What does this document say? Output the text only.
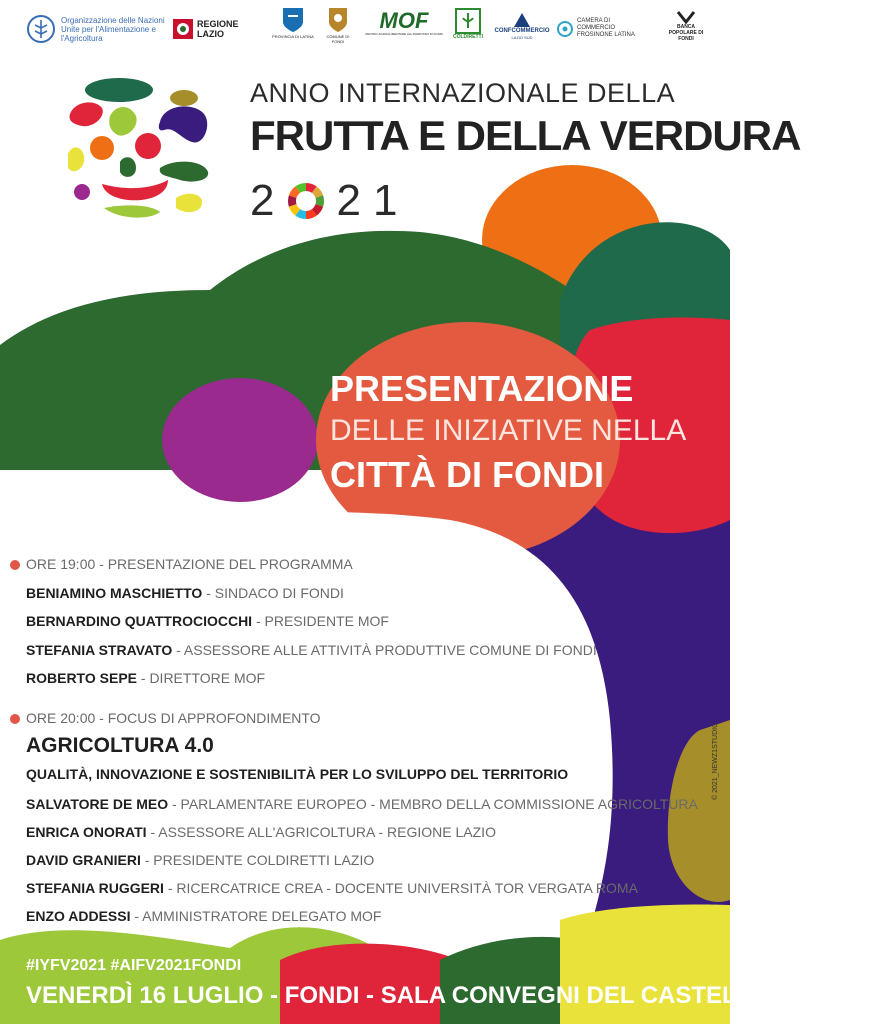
Organizzazione delle Nazioni Unite per l'Alimentazione e l'Agricoltura
REGIONE LAZIO	PROVINCIA DI LATINA	COMUNE DI FONDI
MOF
CENTRO AGROALIMENTARE ALL'INGROSSO DI FONDI COLDIRETTI
CONFCOMMERCIO
LAZIO SUD
CAMERA DI COMMERCIO FROSINONE LATINA
BANCA POPOLARE DI FONDI
ANNO INTERNAZIONALE DELLA
FRUTTA E DELLA VERDURA
2 21
PRESENTAZIONE
DELLE INIZIATIVE NELLA
CITTÀ DI FONDI
ORE 19:00 - PRESENTAZIONE DEL PROGRAMMA
BENIAMINO MASCHIETTO - SINDACO DI FONDI
BERNARDINO QUATTROCIOCCHI - PRESIDENTE MOF
STEFANIA STRAVATO - ASSESSORE ALLE ATTIVITÀ PRODUTTIVE COMUNE DI FONDI
ROBERTO SEPE - DIRETTORE MOF
ORE 20:00 - FOCUS DI APPROFONDIMENTO
AGRICOLTURA 4.0
QUALITÀ, INNOVAZIONE E SOSTENIBILITÀ PER LO SVILUPPO DEL TERRITORIO
SALVATORE DE MEO - PARLAMENTARE EUROPEO - MEMBRO DELLA COMMISSIONE AGRICOLTURA
ENRICA ONORATI - ASSESSORE ALL'AGRICOLTURA - REGIONE LAZIO
DAVID GRANIERI - PRESIDENTE COLDIRETTI LAZIO
STEFANIA RUGGERI - RICERCATRICE CREA - DOCENTE UNIVERSITÀ TOR VERGATA ROMA
ENZO ADDESSI - AMMINISTRATORE DELEGATO MOF
© 2021_NEWZ1STUDIO
#IYFV2021 #AIFV2021FONDI
VENERDÌ 16 LUGLIO - FONDI - SALA CONVEGNI DEL CASTELLO CAETANI
